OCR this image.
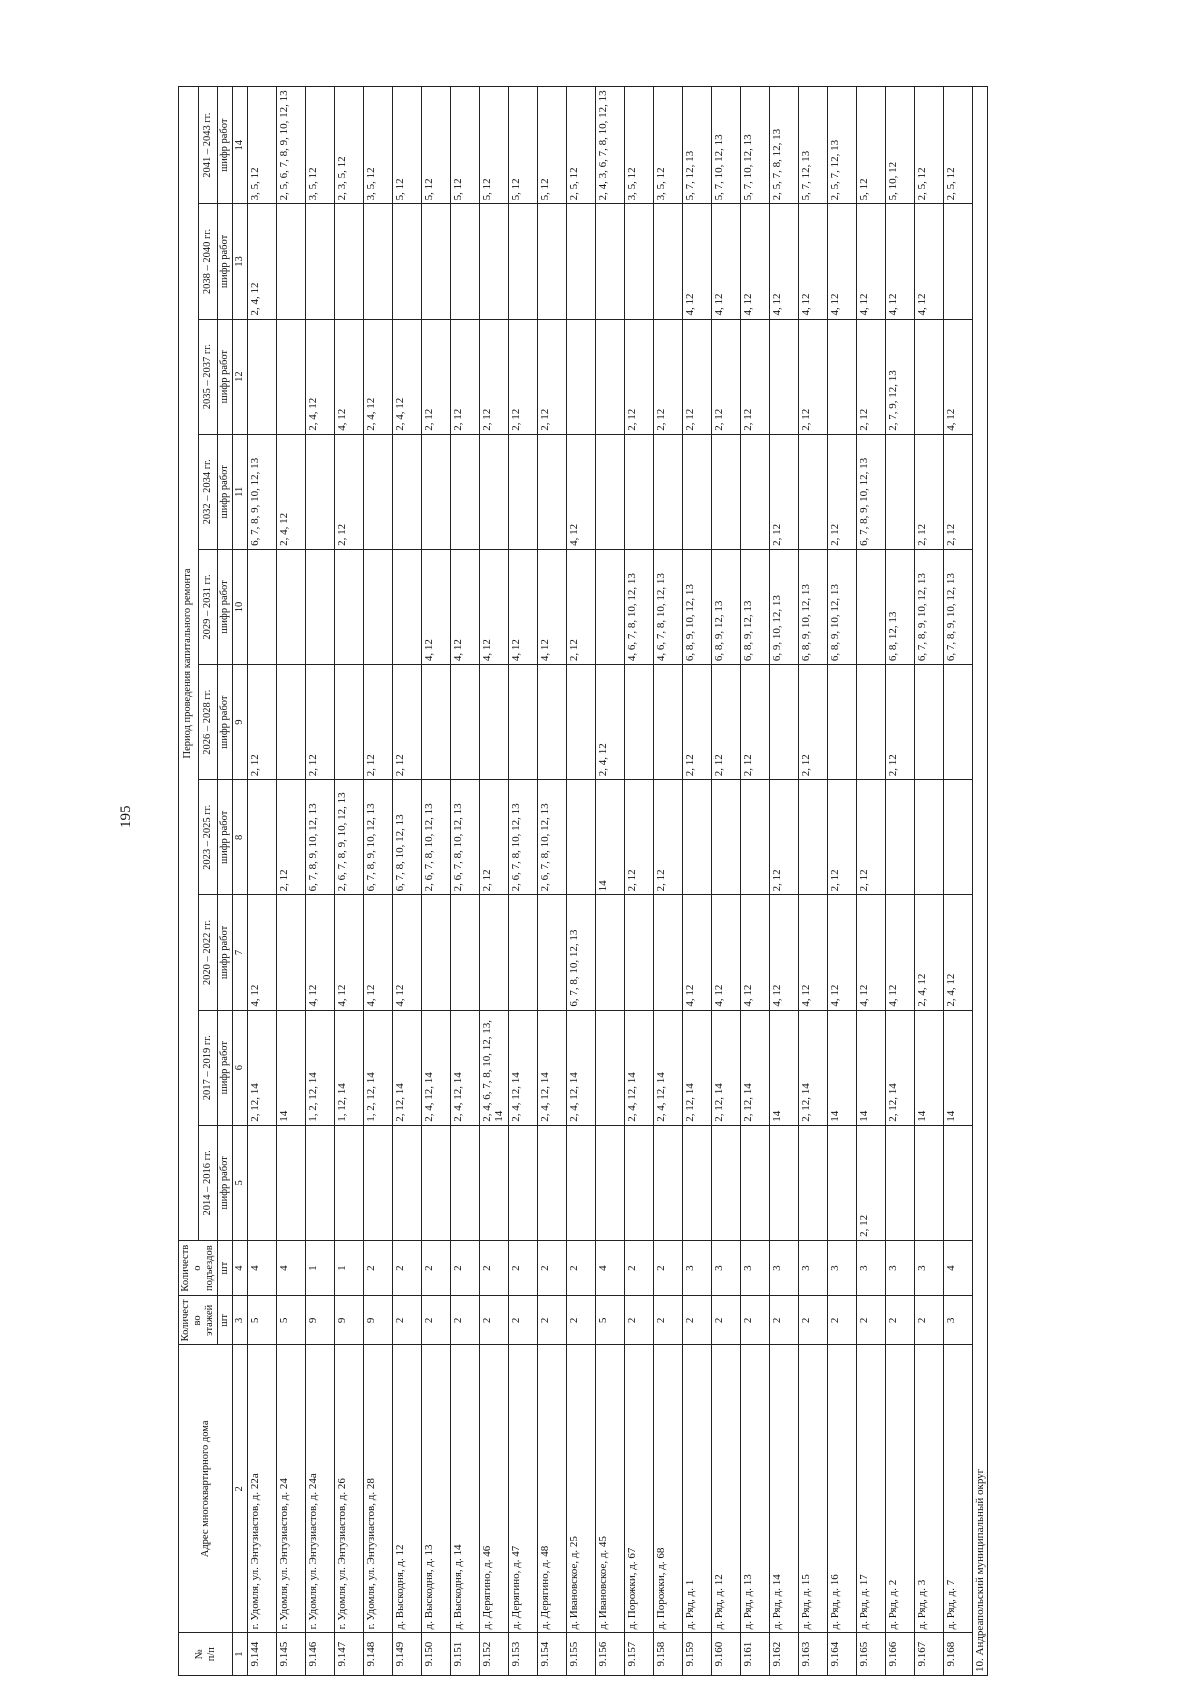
195
№
п/п	Адрес многоквартирного дома	Количество этажей	Количество подъездов	Период проведения капитального ремонта									
				2014 – 2016 гг.	2017 – 2019 гг.	2020 – 2022 гг.	2023 – 2025 гг.	2026 – 2028 гг.	2029 – 2031 гг.	2032 – 2034 гг.	2035 – 2037 гг.	2038 – 2040 гг.	2041 – 2043 гг.
		шт	шт	шифр работ	шифр работ	шифр работ	шифр работ	шифр работ	шифр работ	шифр работ	шифр работ	шифр работ	шифр работ
1	2	3	4	5	6	7	8	9	10	11	12	13	14
9.144	г. Удомля, ул. Энтузиастов, д. 22а	5	4		2, 12, 14	4, 12		2, 12		6, 7, 8, 9, 10, 12, 13		2, 4, 12	3, 5, 12
9.145	г. Удомля, ул. Энтузиастов, д. 24	5	4		14		2, 12			2, 4, 12			2, 5, 6, 7, 8, 9, 10, 12, 13
9.146	г. Удомля, ул. Энтузиастов, д. 24а	9	1		1, 2, 12, 14	4, 12	6, 7, 8, 9, 10, 12, 13	2, 12			2, 4, 12		3, 5, 12
9.147	г. Удомля, ул. Энтузиастов, д. 26	9	1		1, 12, 14	4, 12	2, 6, 7, 8, 9, 10, 12, 13			2, 12	4, 12		2, 3, 5, 12
9.148	г. Удомля, ул. Энтузиастов, д. 28	9	2		1, 2, 12, 14	4, 12	6, 7, 8, 9, 10, 12, 13	2, 12			2, 4, 12		3, 5, 12
9.149	д. Выскодня, д. 12	2	2		2, 12, 14	4, 12	6, 7, 8, 10, 12, 13	2, 12			2, 4, 12		5, 12
9.150	д. Выскодня, д. 13	2	2		2, 4, 12, 14		2, 6, 7, 8, 10, 12, 13		4, 12		2, 12		5, 12
9.151	д. Выскодня, д. 14	2	2		2, 4, 12, 14		2, 6, 7, 8, 10, 12, 13		4, 12		2, 12		5, 12
9.152	д. Дерягино, д. 46	2	2		2, 4, 6, 7, 8, 10, 12, 13, 14		2, 12		4, 12		2, 12		5, 12
9.153	д. Дерягино, д. 47	2	2		2, 4, 12, 14		2, 6, 7, 8, 10, 12, 13		4, 12		2, 12		5, 12
9.154	д. Дерягино, д. 48	2	2		2, 4, 12, 14		2, 6, 7, 8, 10, 12, 13		4, 12		2, 12		5, 12
9.155	д. Ивановское, д. 25	2	2		2, 4, 12, 14	6, 7, 8, 10, 12, 13			2, 12	4, 12			2, 5, 12
9.156	д. Ивановское, д. 45	5	4				14	2, 4, 12					2, 4, 3, 6, 7, 8, 10, 12, 13
9.157	д. Порожки, д. 67	2	2		2, 4, 12, 14		2, 12		4, 6, 7, 8, 10, 12, 13		2, 12		3, 5, 12
9.158	д. Порожки, д. 68	2	2		2, 4, 12, 14		2, 12		4, 6, 7, 8, 10, 12, 13		2, 12		3, 5, 12
9.159	д. Ряд, д. 1	2	3		2, 12, 14	4, 12		2, 12	6, 8, 9, 10, 12, 13		2, 12	4, 12	5, 7, 12, 13
9.160	д. Ряд, д. 12	2	3		2, 12, 14	4, 12		2, 12	6, 8, 9, 12, 13		2, 12	4, 12	5, 7, 10, 12, 13
9.161	д. Ряд, д. 13	2	3		2, 12, 14	4, 12		2, 12	6, 8, 9, 12, 13		2, 12	4, 12	5, 7, 10, 12, 13
9.162	д. Ряд, д. 14	2	3		14	4, 12	2, 12		6, 9, 10, 12, 13	2, 12		4, 12	2, 5, 7, 8, 12, 13
9.163	д. Ряд, д. 15	2	3		2, 12, 14	4, 12		2, 12	6, 8, 9, 10, 12, 13		2, 12	4, 12	5, 7, 12, 13
9.164	д. Ряд, д. 16	2	3		14	4, 12	2, 12		6, 8, 9, 10, 12, 13	2, 12		4, 12	2, 5, 7, 12, 13
9.165	д. Ряд, д. 17	2	3	2, 12	14	4, 12	2, 12			6, 7, 8, 9, 10, 12, 13	2, 12	4, 12	5, 12
9.166	д. Ряд, д. 2	2	3		2, 12, 14	4, 12		2, 12	6, 8, 12, 13		2, 7, 9, 12, 13	4, 12	5, 10, 12
9.167	д. Ряд, д. 3	2	3		14	2, 4, 12			6, 7, 8, 9, 10, 12, 13	2, 12		4, 12	2, 5, 12
9.168	д. Ряд, д. 7	3	4		14	2, 4, 12			6, 7, 8, 9, 10, 12, 13	2, 12	4, 12		2, 5, 12
10. Андреапольский муниципальный округ													
